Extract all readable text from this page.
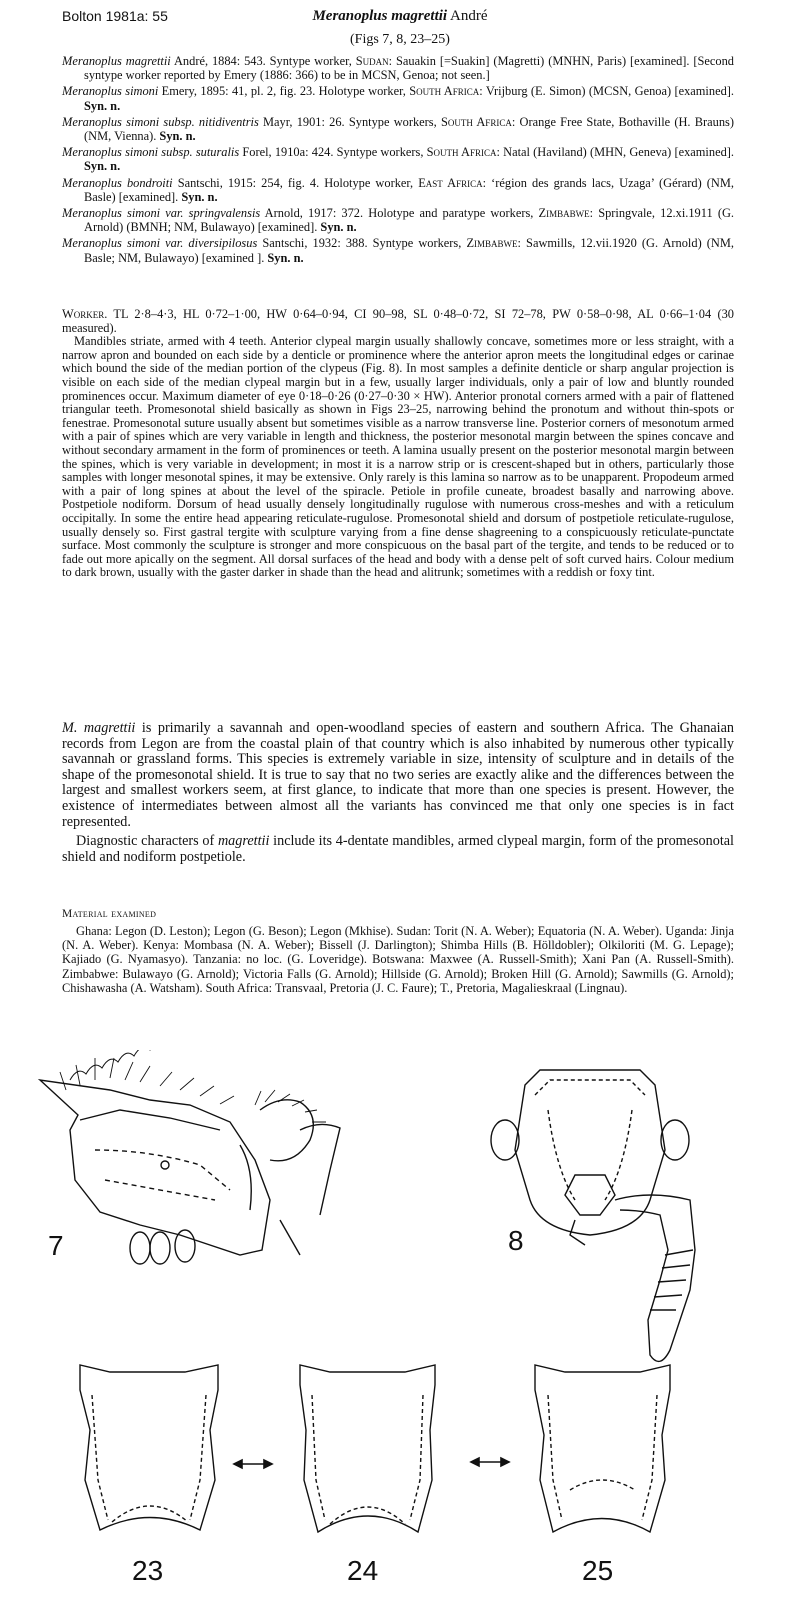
Bolton 1981a: 55	Meranoplus magrettii André
(Figs 7, 8, 23–25)

Meranoplus magrettii André, 1884: 543. Syntype worker, Sudan: Sauakin [=Suakin] (Magretti) (MNHN, Paris) [examined]. [Second syntype worker reported by Emery (1886: 366) to be in MCSN, Genoa; not seen.]

Meranoplus simoni Emery, 1895: 41, pl. 2, fig. 23. Holotype worker, South Africa: Vrijburg (E. Simon) (MCSN, Genoa) [examined]. Syn. n.

Meranoplus simoni subsp. nitidiventris Mayr, 1901: 26. Syntype workers, South Africa: Orange Free State, Bothaville (H. Brauns) (NM, Vienna). Syn. n.

Meranoplus simoni subsp. suturalis Forel, 1910a: 424. Syntype workers, South Africa: Natal (Haviland) (MHN, Geneva) [examined]. Syn. n.

Meranoplus bondroiti Santschi, 1915: 254, fig. 4. Holotype worker, East Africa: ‘région des grands lacs, Uzaga’ (Gérard) (NM, Basle) [examined]. Syn. n.

Meranoplus simoni var. springvalensis Arnold, 1917: 372. Holotype and paratype workers, Zimbabwe: Springvale, 12.xi.1911 (G. Arnold) (BMNH; NM, Bulawayo) [examined]. Syn. n.

Meranoplus simoni var. diversipilosus Santschi, 1932: 388. Syntype workers, Zimbabwe: Sawmills, 12.vii.1920 (G. Arnold) (NM, Basle; NM, Bulawayo) [examined ]. Syn. n.

Worker. TL 2·8–4·3, HL 0·72–1·00, HW 0·64–0·94, CI 90–98, SL 0·48–0·72, SI 72–78, PW 0·58–0·98, AL 0·66–1·04 (30 measured).

Mandibles striate, armed with 4 teeth. Anterior clypeal margin usually shallowly concave, sometimes more or less straight, with a narrow apron and bounded on each side by a denticle or prominence where the anterior apron meets the longitudinal edges or carinae which bound the side of the median portion of the clypeus (Fig. 8). In most samples a definite denticle or sharp angular projection is visible on each side of the median clypeal margin but in a few, usually larger individuals, only a pair of low and bluntly rounded prominences occur. Maximum diameter of eye 0·18–0·26 (0·27–0·30 × HW). Anterior pronotal corners armed with a pair of flattened triangular teeth. Promesonotal shield basically as shown in Figs 23–25, narrowing behind the pronotum and without thin-spots or fenestrae. Promesonotal suture usually absent but sometimes visible as a narrow transverse line. Posterior corners of mesonotum armed with a pair of spines which are very variable in length and thickness, the posterior mesonotal margin between the spines concave and without secondary armament in the form of prominences or teeth. A lamina usually present on the posterior mesonotal margin between the spines, which is very variable in development; in most it is a narrow strip or is crescent-shaped but in others, particularly those samples with longer mesonotal spines, it may be extensive. Only rarely is this lamina so narrow as to be unapparent. Propodeum armed with a pair of long spines at about the level of the spiracle. Petiole in profile cuneate, broadest basally and narrowing above. Postpetiole nodiform. Dorsum of head usually densely longitudinally rugulose with numerous cross-meshes and with a reticulum occipitally. In some the entire head appearing reticulate-rugulose. Promesonotal shield and dorsum of postpetiole reticulate-rugulose, usually densely so. First gastral tergite with sculpture varying from a fine dense shagreening to a conspicuously reticulate-punctate surface. Most commonly the sculpture is stronger and more conspicuous on the basal part of the tergite, and tends to be reduced or to fade out more apically on the segment. All dorsal surfaces of the head and body with a dense pelt of soft curved hairs. Colour medium to dark brown, usually with the gaster darker in shade than the head and alitrunk; sometimes with a reddish or foxy tint.

M. magrettii is primarily a savannah and open-woodland species of eastern and southern Africa. The Ghanaian records from Legon are from the coastal plain of that country which is also inhabited by numerous other typically savannah or grassland forms. This species is extremely variable in size, intensity of sculpture and in details of the shape of the promesonotal shield. It is true to say that no two series are exactly alike and the differences between the largest and smallest workers seem, at first glance, to indicate that more than one species is present. However, the existence of intermediates between almost all the variants has convinced me that only one species is in fact represented.

Diagnostic characters of magrettii include its 4-dentate mandibles, armed clypeal margin, form of the promesonotal shield and nodiform postpetiole.

Material examined
Ghana: Legon (D. Leston); Legon (G. Beson); Legon (Mkhise). Sudan: Torit (N. A. Weber); Equatoria (N. A. Weber). Uganda: Jinja (N. A. Weber). Kenya: Mombasa (N. A. Weber); Bissell (J. Darlington); Shimba Hills (B. Hölldobler); Olkiloriti (M. G. Lepage); Kajiado (G. Nyamasyo). Tanzania: no loc. (G. Loveridge). Botswana: Maxwee (A. Russell-Smith); Xani Pan (A. Russell-Smith). Zimbabwe: Bulawayo (G. Arnold); Victoria Falls (G. Arnold); Hillside (G. Arnold); Broken Hill (G. Arnold); Sawmills (G. Arnold); Chishawasha (A. Watsham). South Africa: Transvaal, Pretoria (J. C. Faure); T., Pretoria, Magalieskraal (Lingnau).
7	8
23	24	25
